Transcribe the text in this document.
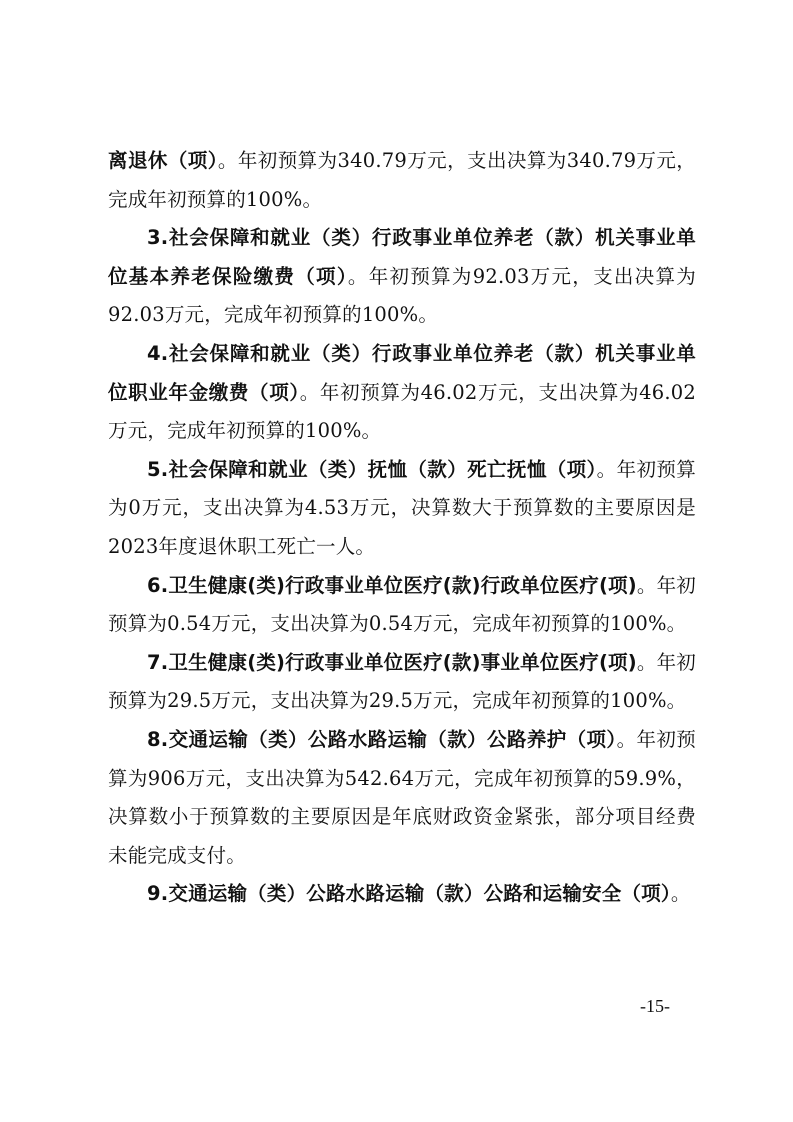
离退休（项）。年初预算为340.79万元，支出决算为340.79万元，完成年初预算的100%。

3.社会保障和就业（类）行政事业单位养老（款）机关事业单位基本养老保险缴费（项）。年初预算为92.03万元，支出决算为92.03万元，完成年初预算的100%。

4.社会保障和就业（类）行政事业单位养老（款）机关事业单位职业年金缴费（项）。年初预算为46.02万元，支出决算为46.02万元，完成年初预算的100%。

5.社会保障和就业（类）抚恤（款）死亡抚恤（项）。年初预算为0万元，支出决算为4.53万元，决算数大于预算数的主要原因是2023年度退休职工死亡一人。

6.卫生健康(类)行政事业单位医疗(款)行政单位医疗(项)。年初预算为0.54万元，支出决算为0.54万元，完成年初预算的100%。

7.卫生健康(类)行政事业单位医疗(款)事业单位医疗(项)。年初预算为29.5万元，支出决算为29.5万元，完成年初预算的100%。

8.交通运输（类）公路水路运输（款）公路养护（项）。年初预算为906万元，支出决算为542.64万元，完成年初预算的59.9%，决算数小于预算数的主要原因是年底财政资金紧张，部分项目经费未能完成支付。

9.交通运输（类）公路水路运输（款）公路和运输安全（项）。

-15-
